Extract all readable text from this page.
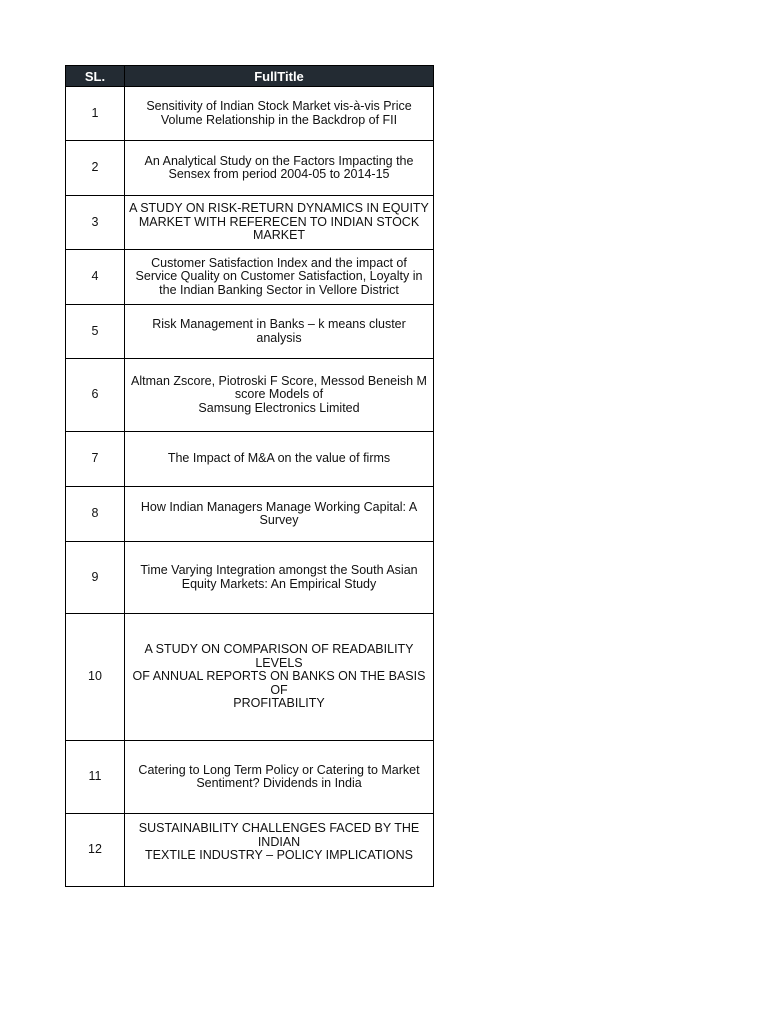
SL.	FullTitle
1	Sensitivity of Indian Stock Market vis-à-vis Price
Volume Relationship in the Backdrop of FII
2	An Analytical Study on the Factors Impacting the
Sensex from period 2004-05 to 2014-15
3	A STUDY ON RISK-RETURN DYNAMICS IN EQUITY
MARKET WITH REFERECEN TO INDIAN STOCK
MARKET
4	Customer Satisfaction Index and the impact of
Service Quality on Customer Satisfaction, Loyalty in
the Indian Banking Sector in Vellore District
5	Risk Management in Banks – k means cluster
analysis
6	Altman Zscore, Piotroski F Score, Messod Beneish M
score Models of
Samsung Electronics Limited
7	The Impact of M&A on the value of firms
8	How Indian Managers Manage Working Capital: A
Survey
9	Time Varying Integration amongst the South Asian
Equity Markets: An Empirical Study
10	A STUDY ON COMPARISON OF READABILITY LEVELS
OF ANNUAL REPORTS ON BANKS ON THE BASIS OF
PROFITABILITY
11	Catering to Long Term Policy or Catering to Market
Sentiment? Dividends in India
12	SUSTAINABILITY CHALLENGES FACED BY THE INDIAN
TEXTILE INDUSTRY – POLICY IMPLICATIONS
